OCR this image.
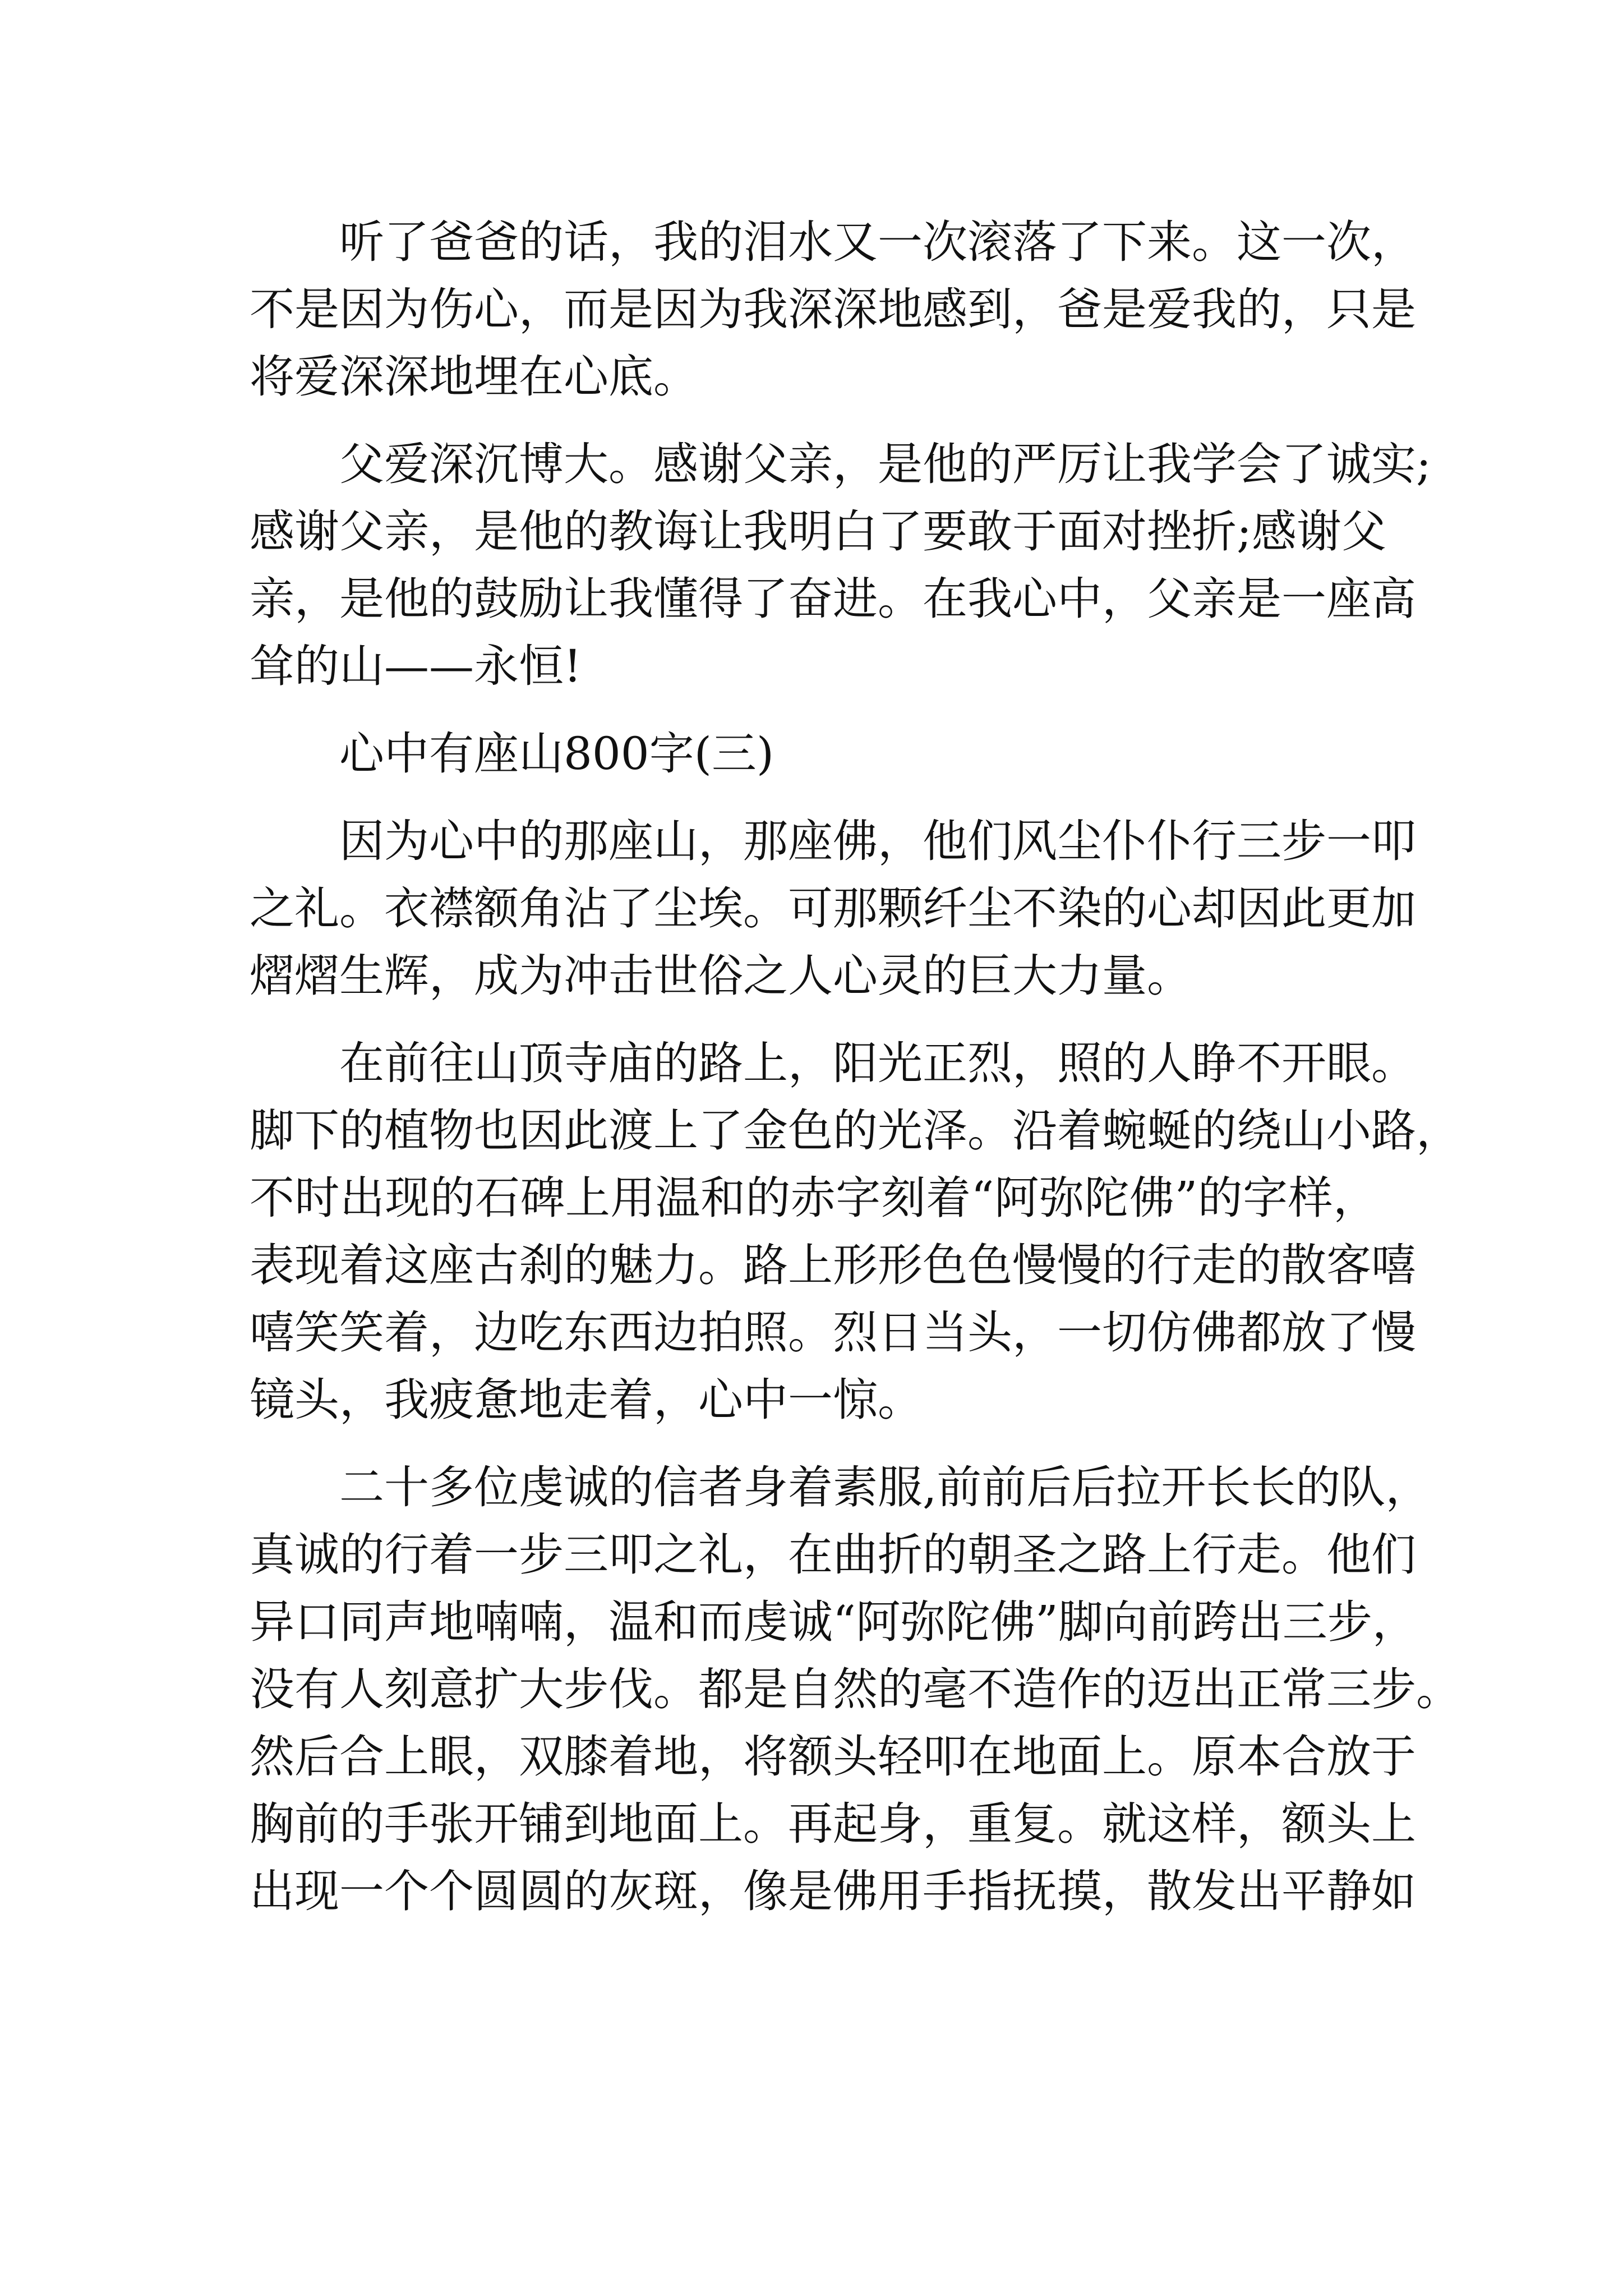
听了爸爸的话，我的泪水又一次滚落了下来。这一次，
不是因为伤心，而是因为我深深地感到，爸是爱我的，只是
将爱深深地埋在心底。
父爱深沉博大。感谢父亲，是他的严厉让我学会了诚实;
感谢父亲，是他的教诲让我明白了要敢于面对挫折;感谢父
亲，是他的鼓励让我懂得了奋进。在我心中，父亲是一座高
耸的山——永恒!
心中有座山800字(三)
因为心中的那座山，那座佛，他们风尘仆仆行三步一叩
之礼。衣襟额角沾了尘埃。可那颗纤尘不染的心却因此更加
熠熠生辉，成为冲击世俗之人心灵的巨大力量。
在前往山顶寺庙的路上，阳光正烈，照的人睁不开眼。
脚下的植物也因此渡上了金色的光泽。沿着蜿蜒的绕山小路，
不时出现的石碑上用温和的赤字刻着“阿弥陀佛”的字样，
表现着这座古刹的魅力。路上形形色色慢慢的行走的散客嘻
嘻笑笑着，边吃东西边拍照。烈日当头，一切仿佛都放了慢
镜头，我疲惫地走着，心中一惊。
二十多位虔诚的信者身着素服,前前后后拉开长长的队，
真诚的行着一步三叩之礼，在曲折的朝圣之路上行走。他们
异口同声地喃喃，温和而虔诚“阿弥陀佛”脚向前跨出三步，
没有人刻意扩大步伐。都是自然的毫不造作的迈出正常三步。
然后合上眼，双膝着地，将额头轻叩在地面上。原本合放于
胸前的手张开铺到地面上。再起身，重复。就这样，额头上
出现一个个圆圆的灰斑，像是佛用手指抚摸，散发出平静如
